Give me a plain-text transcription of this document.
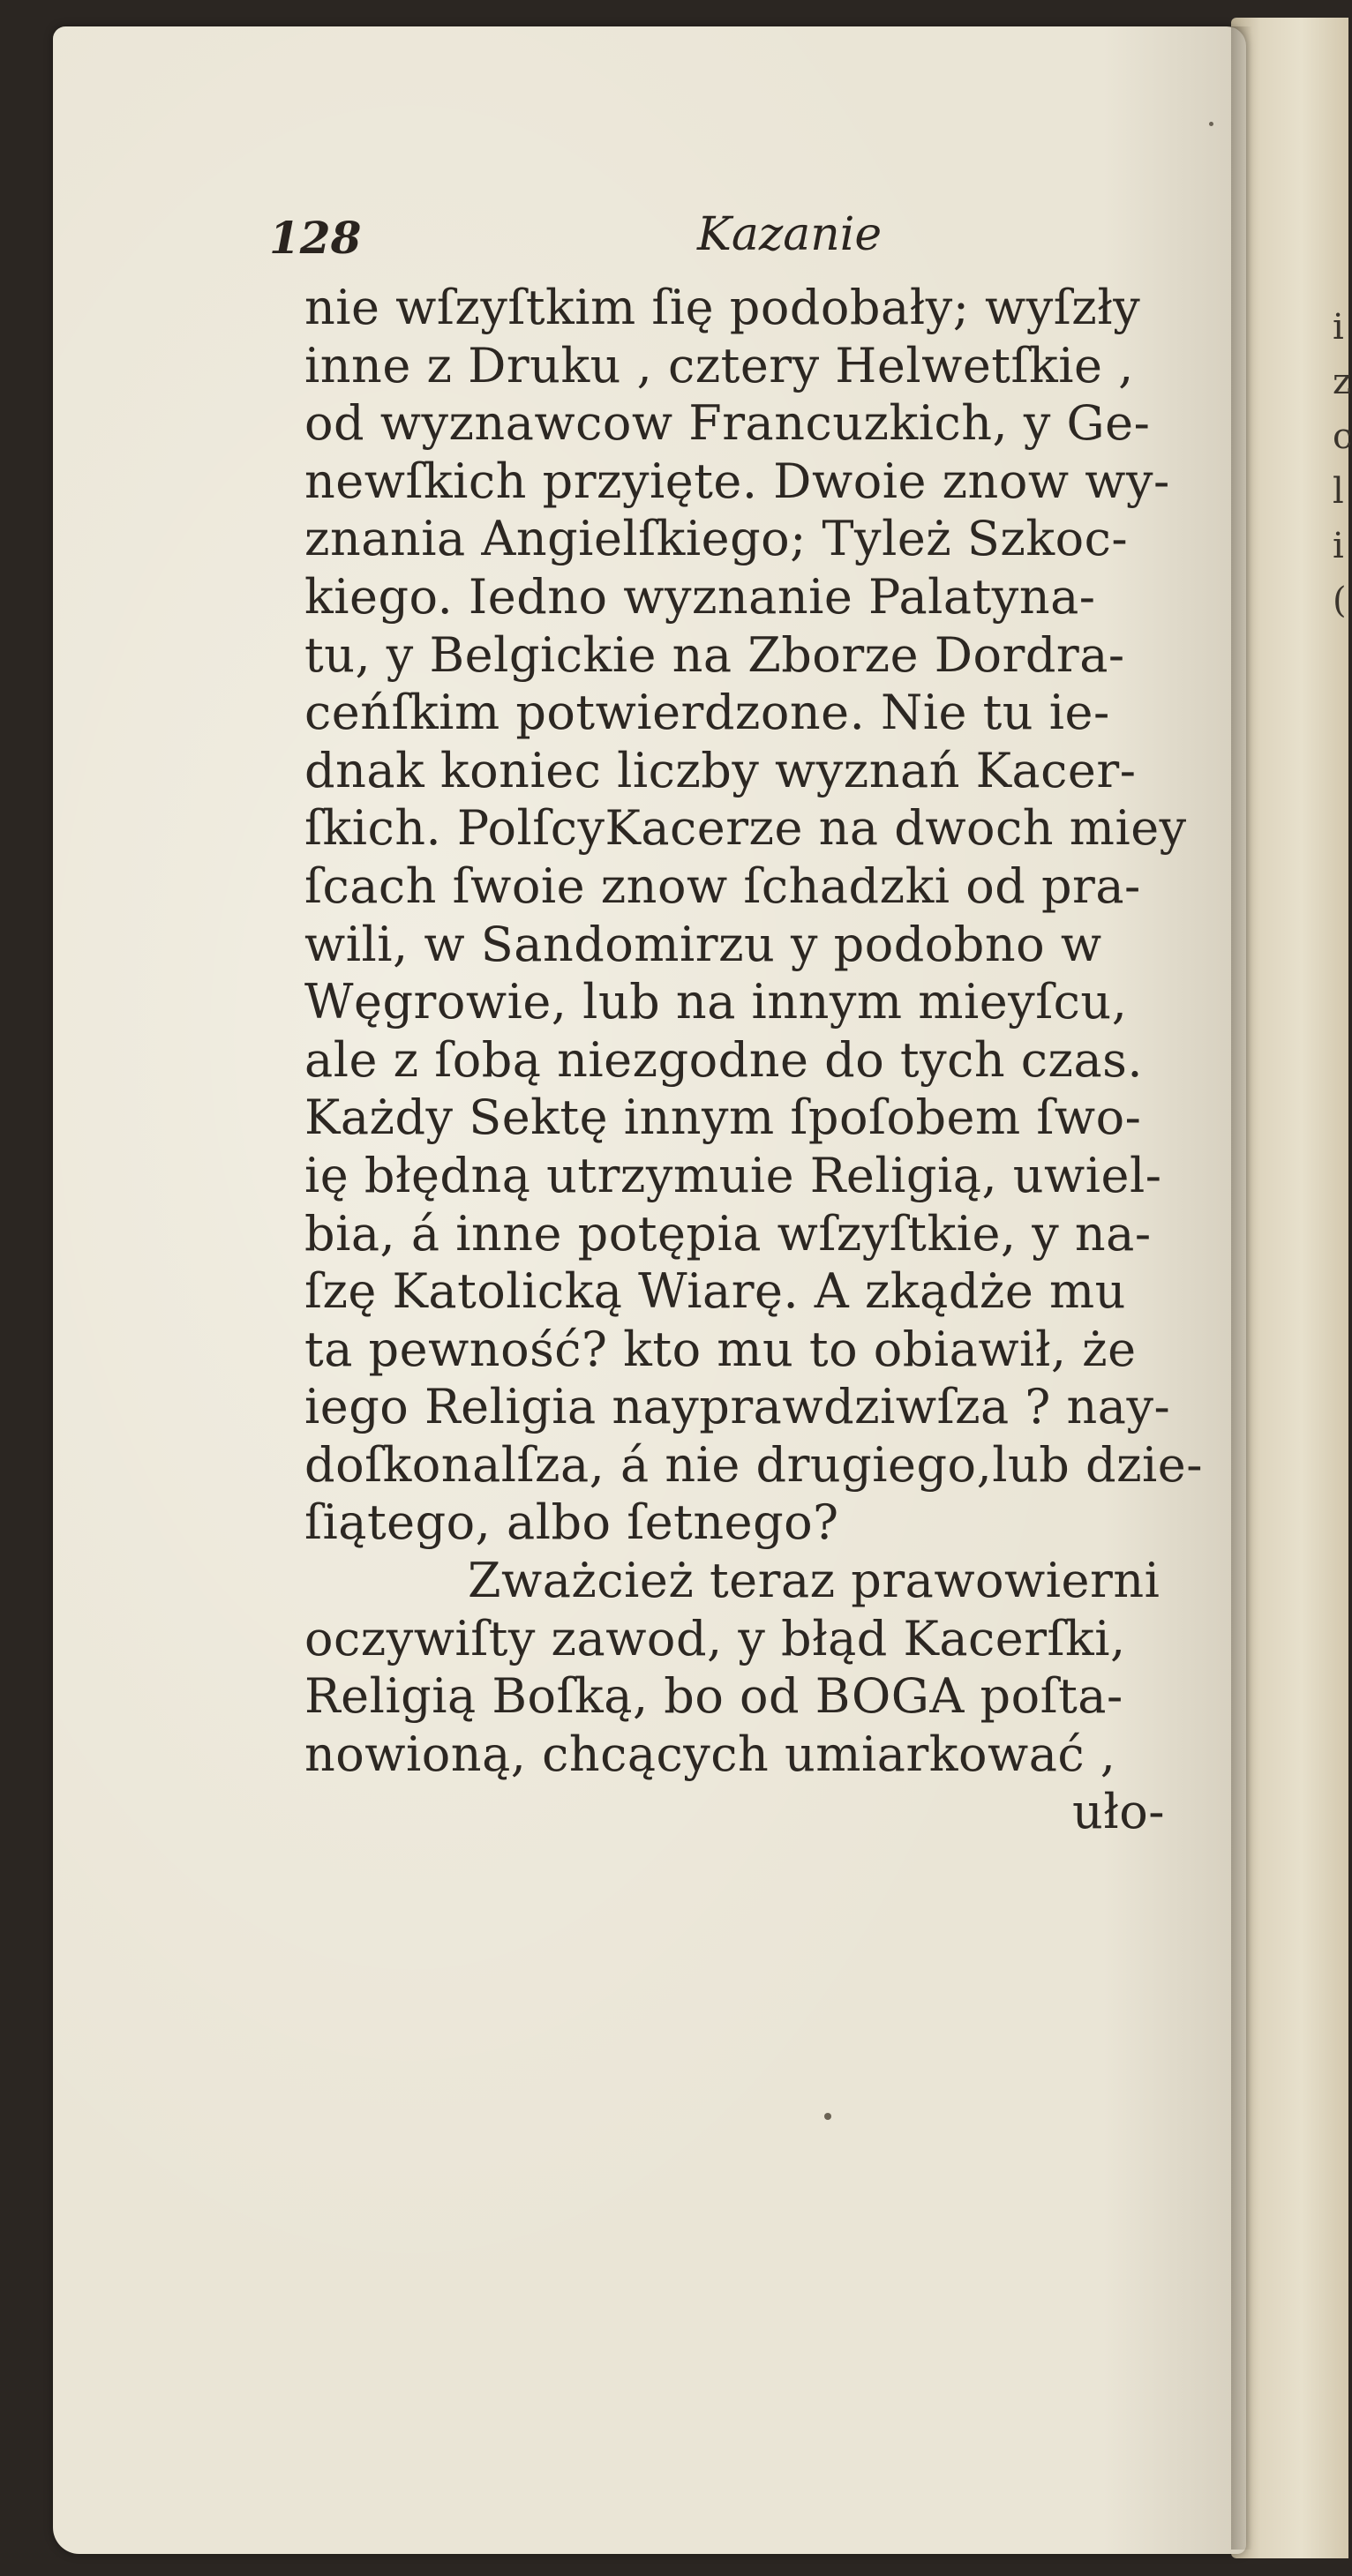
i
z
c
l
i
(
128	Kazanie
nie wſzyſtkim ſię podobały; wyſzły
inne z Druku , cztery Helwetſkie ,
od wyznawcow Francuzkich, y Ge-
newſkich przyięte. Dwoie znow wy-
znania Angielſkiego; Tyleż Szkoc-
kiego. Iedno wyznanie Palatyna-
tu, y Belgickie na Zborze Dordra-
ceńſkim potwierdzone. Nie tu ie-
dnak koniec liczby wyznań Kacer-
ſkich. PolſcyKacerze na dwoch miey
ſcach ſwoie znow ſchadzki od pra-
wili, w Sandomirzu y podobno w
Węgrowie, lub na innym mieyſcu,
ale z ſobą niezgodne do tych czas.
Każdy Sektę innym ſpoſobem ſwo-
ię błędną utrzymuie Religią, uwiel-
bia, á inne potępia wſzyſtkie, y na-
ſzę Katolicką Wiarę. A zkądże mu
ta pewność? kto mu to obiawił, że
iego Religia nayprawdziwſza ? nay-
doſkonalſza, á nie drugiego,lub dzie-
ſiątego, albo ſetnego?
Zważcież teraz prawowierni
oczywiſty zawod, y błąd Kacerſki,
Religią Boſką, bo od BOGA poſta-
nowioną, chcących umiarkować ,
uło-
